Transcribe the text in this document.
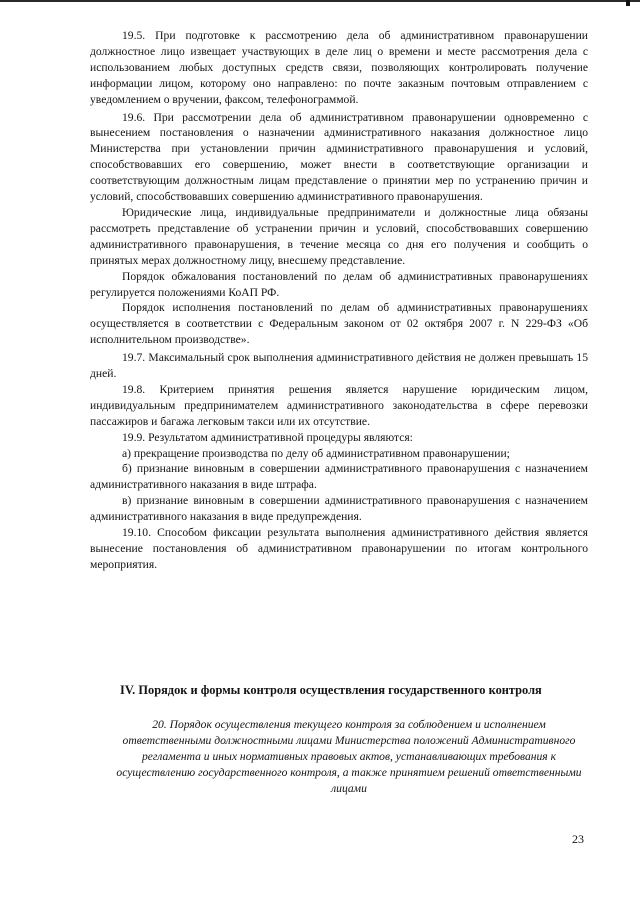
19.5. При подготовке к рассмотрению дела об административном правонарушении должностное лицо извещает участвующих в деле лиц о времени и месте рассмотрения дела с использованием любых доступных средств связи, позволяющих контролировать получение информации лицом, которому оно направлено: по почте заказным почтовым отправлением с уведомлением о вручении, факсом, телефонограммой.

19.6. При рассмотрении дела об административном правонарушении одновременно с вынесением постановления о назначении административного наказания должностное лицо Министерства при установлении причин административного правонарушения и условий, способствовавших его совершению, может внести в соответствующие организации и соответствующим должностным лицам представление о принятии мер по устранению причин и условий, способствовавших совершению административного правонарушения.

Юридические лица, индивидуальные предприниматели и должностные лица обязаны рассмотреть представление об устранении причин и условий, способствовавших совершению административного правонарушения, в течение месяца со дня его получения и сообщить о принятых мерах должностному лицу, внесшему представление.

Порядок обжалования постановлений по делам об административных правонарушениях регулируется положениями КоАП РФ.

Порядок исполнения постановлений по делам об административных правонарушениях осуществляется в соответствии с Федеральным законом от 02 октября 2007 г. N 229-ФЗ «Об исполнительном производстве».

19.7. Максимальный срок выполнения административного действия не должен превышать 15 дней.

19.8. Критерием принятия решения является нарушение юридическим лицом, индивидуальным предпринимателем административного законодательства в сфере перевозки пассажиров и багажа легковым такси или их отсутствие.

19.9. Результатом административной процедуры являются:

а) прекращение производства по делу об административном правонарушении;

б) признание виновным в совершении административного правонарушения с назначением административного наказания в виде штрафа.

в) признание виновным в совершении административного правонарушения с назначением административного наказания в виде предупреждения.

19.10. Способом фиксации результата выполнения административного действия является вынесение постановления об административном правонарушении по итогам контрольного мероприятия.

IV. Порядок и формы контроля осуществления государственного контроля
20. Порядок осуществления текущего контроля за соблюдением и исполнением ответственными должностными лицами Министерства положений Административного регламента и иных нормативных правовых актов, устанавливающих требования к осуществлению государственного контроля, а также принятием решений ответственными лицами
23
